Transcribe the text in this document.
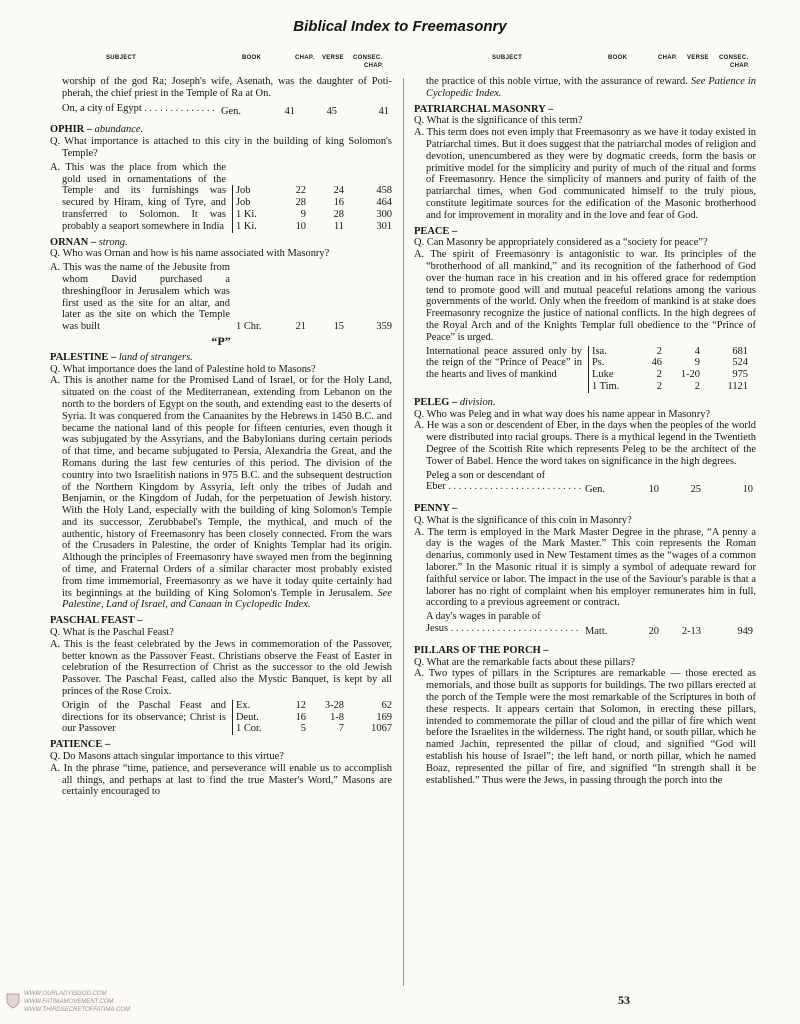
Biblical Index to Freemasonry
SUBJECT	BOOK	CHAP. VERSE CONSEC.
CHAP.
SUBJECT	BOOK	CHAP. VERSE CONSEC.
CHAP.

worship of the god Ra; Joseph's wife, Asenath, was the daughter of Poti-pherah, the chief priest in the Temple of Ra at On.

On, a city of Egypt . . .	Gen.	41	45	41
OPHIR – abundance.

Q. What importance is attached to this city in the building of king Solomon's Temple?

A. This was the place from which the gold used in ornamentations of the Temple and its furnishings was secured by Hiram, king of Tyre, and transferred to Solomon. It was probably a seaport somewhere in India

Job	22	24	458
Job	28	16	464
1 Ki.	9	28	300
1 Ki.	10	11	301
ORNAN – strong.

Q. Who was Ornan and how is his name associated with Masonry?

A. This was the name of the Jebusite from whom David purchased a threshingfloor in Jerusalem which was first used as the site for an altar, and later as the site on which the Temple was built	1 Chr.	21	15	359
“P”
PALESTINE – land of strangers.

Q. What importance does the land of Palestine hold to Masons?

A. This is another name for the Promised Land of Israel, or for the Holy Land, situated on the coast of the Mediterranean, extending from Lebanon on the north to the borders of Egypt on the south, and extending east to the deserts of Syria. It was conquered from the Canaanites by the Hebrews in 1450 B.C. and became the national land of this people for fifteen centuries, even though it was subjugated by the Assyrians, and the Babylonians during certain periods of that time, and became subjugated to Persia, Alexandria the Great, and the Romans during the last few centuries of this period. The division of the country into two Israelitish nations in 975 B.C. and the subsequent destruction of the Northern Kingdom by Assyria, left only the tribes of Judah and Benjamin, or the Kingdom of Judah, for the perpetuation of Jewish history. With the Holy Land, especially with the building of king Solomon's Temple and its successor, Zerubbabel's Temple, the mythical, and much of the authentic, history of Freemasonry has been closely connected. From the wars of the Crusaders in Palestine, the order of Knights Templar had its origin. Although the principles of Freemasonry have swayed men from the beginning of time, and Fraternal Orders of a similar character most probably existed from time immemorial, Freemasonry as we have it today quite certainly had its beginnings at the building of King Solomon's Temple in Jerusalem. See Palestine, Land of Israel, and Canaan in Cyclopedic Index.

PASCHAL FEAST –

Q. What is the Paschal Feast?

A. This is the feast celebrated by the Jews in commemoration of the Passover, better known as the Passover Feast. Christians observe the Feast of Easter in celebration of the Resurrection of Christ as the successor to the old Jewish Passover. The Paschal Feast, called also the Mystic Banquet, is kept by all princes of the Rose Croix.

Origin of the Paschal Feast and directions for its observance; Christ is our Passover
Ex.	12	3-28	62
Deut.	16	1-8	169
1 Cor.	5	7	1067
PATIENCE –

Q. Do Masons attach singular importance to this virtue?

A. In the phrase “time, patience, and perseverance will enable us to accomplish all things, and perhaps at last to find the true Master's Word,” Masons are certainly encouraged to

the practice of this noble virtue, with the assurance of reward. See Patience in Cyclopedic Index.

PATRIARCHAL MASONRY –

Q. What is the significance of this term?

A. This term does not even imply that Freemasonry as we have it today existed in Patriarchal times. But it does suggest that the patriarchal modes of religion and devotion, unencumbered as they were by dogmatic creeds, form the basis or primitive model for the simplicity and purity of much of the ritual and forms of Freemasonry. Hence the simplicity of manners and purity of faith of the patriarchal times, when God communicated himself to the truly pious, constitute legitimate sources for the edification of the Masonic brotherhood and for improvement in morality and in the love and fear of God.

PEACE –

Q. Can Masonry be appropriately considered as a “society for peace”?

A. The spirit of Freemasonry is antagonistic to war. Its principles of the “brotherhood of all mankind,” and its recognition of the fatherhood of God over the human race in his creation and in his offered grace for redemption tend to promote good will and mutual peaceful relations among the various governments of the world. Only when the freedom of mankind is at stake does Freemasonry recognize the justice of national conflicts. In the high degrees of the Royal Arch and of the Knights Templar full obedience to the “Prince of Peace” is urged.

International peace assured only by the reign of the “Prince of Peace” in the hearts and lives of mankind
Isa.	2	4	681
Ps.	46	9	524
Luke	2	1-20	975
1 Tim.	2	2	1121
PELEG – division.

Q. Who was Peleg and in what way does his name appear in Masonry?

A. He was a son or descendent of Eber, in the days when the peoples of the world were distributed into racial groups. There is a mythical legend in the Twentieth Degree of the Scottish Rite which represents Peleg to be the architect of the Tower of Babel. Hence the word takes on significance in the high degrees.

Peleg a son or descendant of
Eber . . .	Gen.	10	25	10
PENNY –

Q. What is the significance of this coin in Masonry?

A. The term is employed in the Mark Master Degree in the phrase, “A penny a day is the wages of the Mark Master.” This coin represents the Roman denarius, commonly used in New Testament times as the “wages of a common laborer.” In the Masonic ritual it is simply a symbol of adequate reward for faithful service or labor. The impact in the use of the Saviour's parable is that a laborer has no right of complaint when his employer remunerates him in full, according to a previous agreement or contract.

A day's wages in parable of
Jesus . . .	Matt.	20	2-13	949
PILLARS OF THE PORCH –

Q. What are the remarkable facts about these pillars?

A. Two types of pillars in the Scriptures are remarkable — those erected as memorials, and those built as supports for buildings. The two pillars erected at the porch of the Temple were the most remarkable of the Scriptures in both of these respects. It appears certain that Solomon, in erecting these pillars, intended to commemorate the pillar of cloud and the pillar of fire which went before the Israelites in the wilderness. The right hand, or south pillar, which he named Jachin, represented the pillar of cloud, and signified “God will establish his house of Israel”; the left hand, or north pillar, which he named Boaz, represented the pillar of fire, and signified “In strength shall it be established.” Thus were the Jews, in passing through the porch into the

53
WWW.OURLADYISGOD.COM
WWW.FATIMAMOVEMENT.COM
WWW.THIRDSECRETOFFATIMA.COM
